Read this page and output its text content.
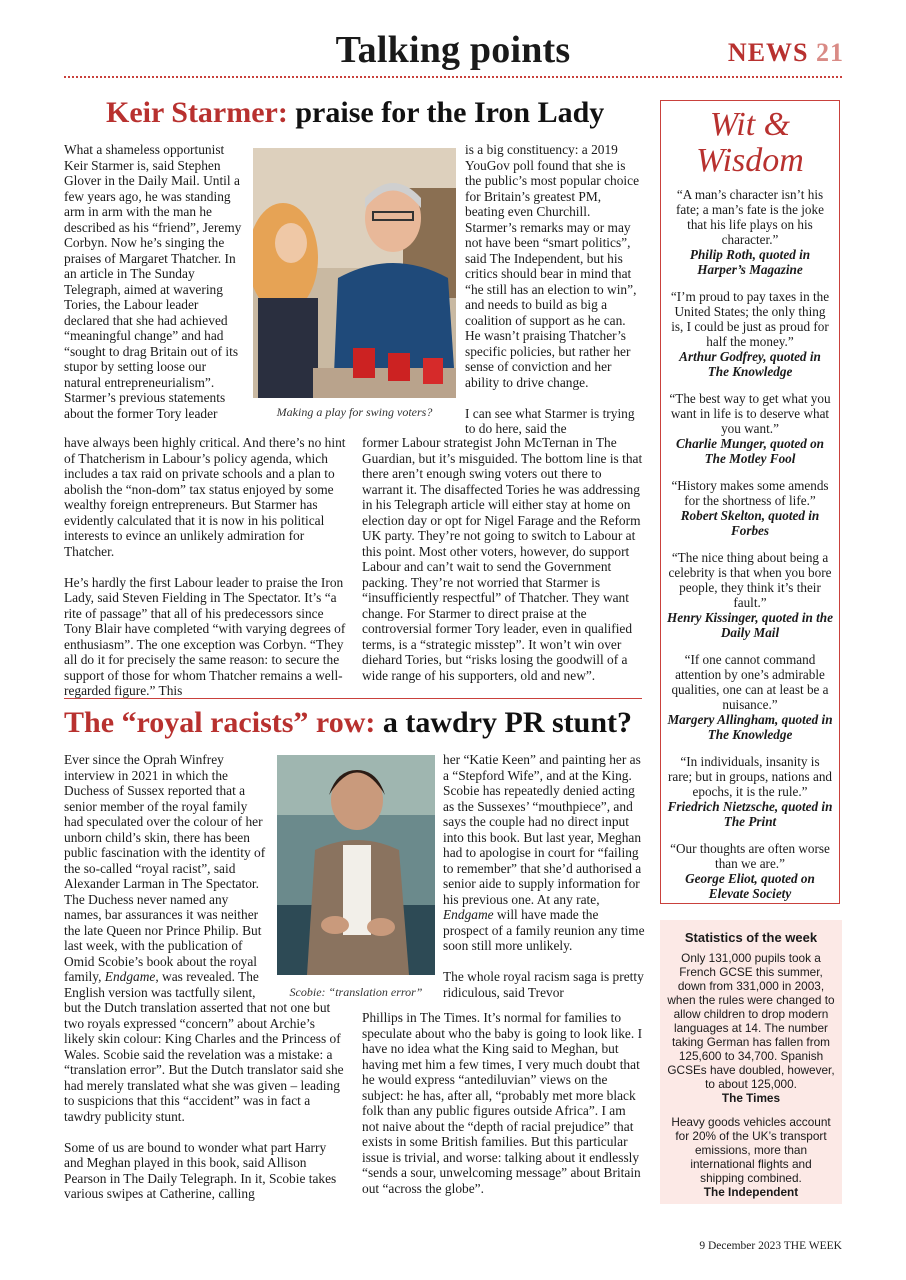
Talking points	NEWS 21
Keir Starmer: praise for the Iron Lady
What a shameless opportunist Keir Starmer is, said Stephen Glover in the Daily Mail. Until a few years ago, he was standing arm in arm with the man he described as his “friend”, Jeremy Corbyn. Now he’s singing the praises of Margaret Thatcher. In an article in The Sunday Telegraph, aimed at wavering Tories, the Labour leader declared that she had achieved “meaningful change” and had “sought to drag Britain out of its stupor by setting loose our natural entrepreneurialism”. Starmer’s previous statements about the former Tory leader	Making a play for swing voters?

is a big constituency: a 2019 YouGov poll found that she is the public’s most popular choice for Britain’s greatest PM, beating even Churchill. Starmer’s remarks may or may not have been “smart politics”, said The Independent, but his critics should bear in mind that “he still has an election to win”, and needs to build as big a coalition of support as he can. He wasn’t praising Thatcher’s specific policies, but rather her sense of conviction and her ability to drive change.

I can see what Starmer is trying to do here, said the

have always been highly critical. And there’s no hint of Thatcherism in Labour’s policy agenda, which includes a tax raid on private schools and a plan to abolish the “non-dom” tax status enjoyed by some wealthy foreign entrepreneurs. But Starmer has evidently calculated that it is now in his political interests to evince an unlikely admiration for Thatcher.

He’s hardly the first Labour leader to praise the Iron Lady, said Steven Fielding in The Spectator. It’s “a rite of passage” that all of his predecessors since Tony Blair have completed “with varying degrees of enthusiasm”. The one exception was Corbyn. “They all do it for precisely the same reason: to secure the support of those for whom Thatcher remains a well-regarded figure.” This

former Labour strategist John McTernan in The Guardian, but it’s misguided. The bottom line is that there aren’t enough swing voters out there to warrant it. The disaffected Tories he was addressing in his Telegraph article will either stay at home on election day or opt for Nigel Farage and the Reform UK party. They’re not going to switch to Labour at this point. Most other voters, however, do support Labour and can’t wait to send the Government packing. They’re not worried that Starmer is “insufficiently respectful” of Thatcher. They want change. For Starmer to direct praise at the controversial former Tory leader, even in qualified terms, is a “strategic misstep”. It won’t win over diehard Tories, but “risks losing the goodwill of a wide range of his supporters, old and new”.
The “royal racists” row: a tawdry PR stunt?
Ever since the Oprah Winfrey interview in 2021 in which the Duchess of Sussex reported that a senior member of the royal family had speculated over the colour of her unborn child’s skin, there has been public fascination with the identity of the so-called “royal racist”, said Alexander Larman in The Spectator. The Duchess never named any names, bar assurances it was neither the late Queen nor Prince Philip. But last week, with the publication of Omid Scobie’s book about the royal family, Endgame, was revealed. The English version was tactfully silent,	Scobie: “translation error”

her “Katie Keen” and painting her as a “Stepford Wife”, and at the King. Scobie has repeatedly denied acting as the Sussexes’ “mouthpiece”, and says the couple had no direct input into this book. But last year, Meghan had to apologise in court for “failing to remember” that she’d authorised a senior aide to supply information for his previous one. At any rate, Endgame will have made the prospect of a family reunion any time soon still more unlikely.

The whole royal racism saga is pretty ridiculous, said Trevor

but the Dutch translation asserted that not one but two royals expressed “concern” about Archie’s likely skin colour: King Charles and the Princess of Wales. Scobie said the revelation was a mistake: a “translation error”. But the Dutch translator said she had merely translated what she was given – leading to suspicions that this “accident” was in fact a tawdry publicity stunt.

Some of us are bound to wonder what part Harry and Meghan played in this book, said Allison Pearson in The Daily Telegraph. In it, Scobie takes various swipes at Catherine, calling

Phillips in The Times. It’s normal for families to speculate about who the baby is going to look like. I have no idea what the King said to Meghan, but having met him a few times, I very much doubt that he would express “antediluvian” views on the subject: he has, after all, “probably met more black folk than any public figures outside Africa”. I am not naive about the “depth of racial prejudice” that exists in some British families. But this particular issue is trivial, and worse: talking about it endlessly “sends a sour, unwelcoming message” about Britain out “across the globe”.
Wit &
Wisdom
“A man’s character isn’t his fate; a man’s fate is the joke that his life plays on his character.”
Philip Roth, quoted in Harper’s Magazine
“I’m proud to pay taxes in the United States; the only thing is, I could be just as proud for half the money.”
Arthur Godfrey, quoted in The Knowledge
“The best way to get what you want in life is to deserve what you want.”
Charlie Munger, quoted on The Motley Fool
“History makes some amends for the shortness of life.”
Robert Skelton, quoted in Forbes
“The nice thing about being a celebrity is that when you bore people, they think it’s their fault.”
Henry Kissinger, quoted in the Daily Mail
“If one cannot command attention by one’s admirable qualities, one can at least be a nuisance.”
Margery Allingham, quoted in The Knowledge
“In individuals, insanity is rare; but in groups, nations and epochs, it is the rule.”
Friedrich Nietzsche, quoted in The Print
“Our thoughts are often worse than we are.”
George Eliot, quoted on Elevate Society
Statistics of the week

Only 131,000 pupils took a French GCSE this summer, down from 331,000 in 2003, when the rules were changed to allow children to drop modern languages at 14. The number taking German has fallen from 125,600 to 34,700. Spanish GCSEs have doubled, however, to about 125,000.

The Times

Heavy goods vehicles account for 20% of the UK’s transport emissions, more than international flights and shipping combined.

The Independent

9 December 2023 THE WEEK
